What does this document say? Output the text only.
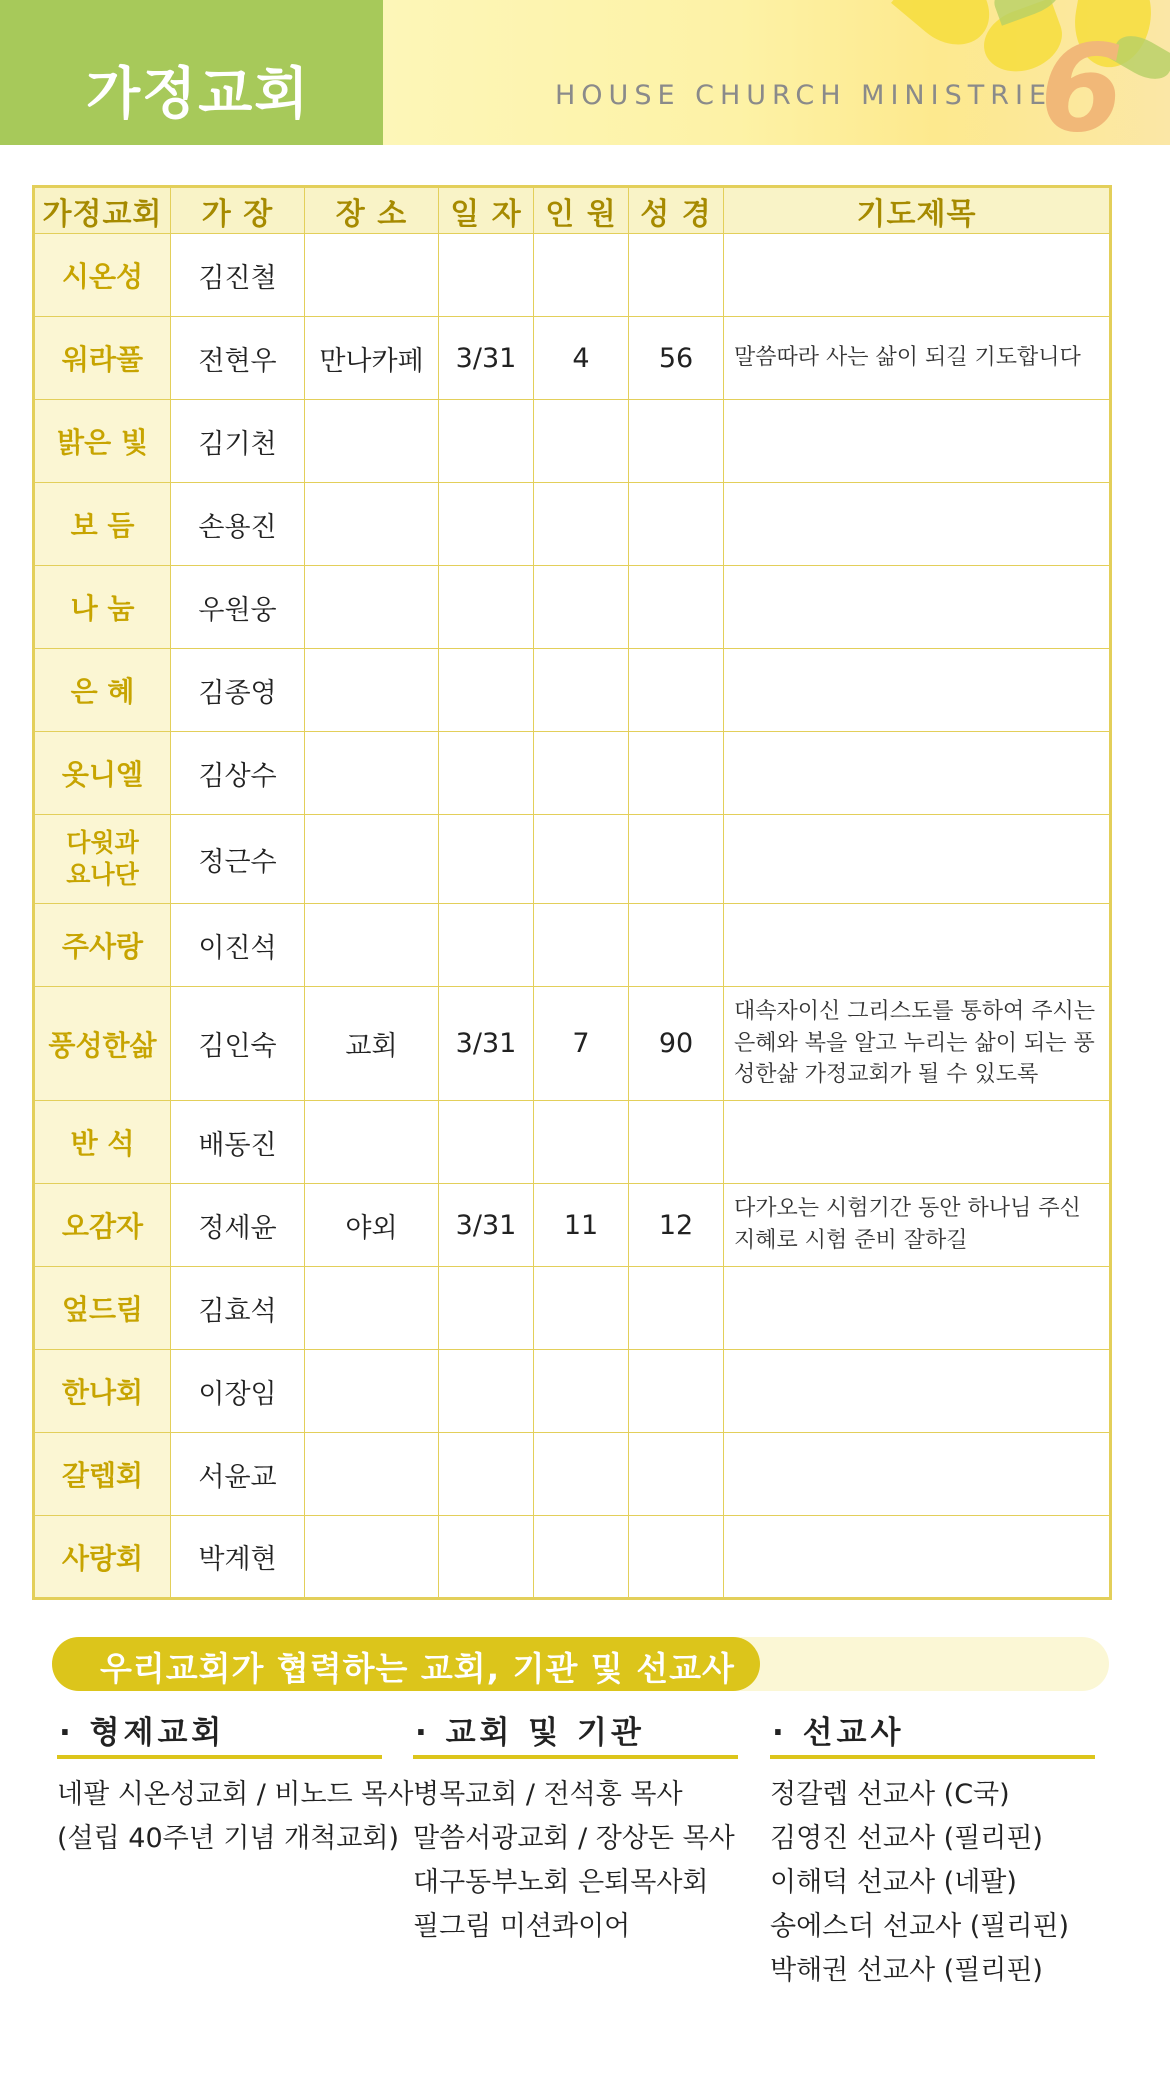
가정교회	HOUSE CHURCH MINISTRIES
6
가정교회	가 장	장 소	일 자	인 원	성 경	기도제목
시온성	김진철					
워라풀	전현우	만나카페	3/31	4	56	말씀따라 사는 삶이 되길 기도합니다
밝은 빛	김기천					
보 듬	손용진					
나 눔	우원웅					
은 혜	김종영					
옷니엘	김상수					
다윗과 요나단	정근수					
주사랑	이진석					
풍성한삶	김인숙	교회	3/31	7	90	대속자이신 그리스도를 통하여 주시는 은혜와 복을 알고 누리는 삶이 되는 풍성한삶 가정교회가 될 수 있도록
반 석	배동진					
오감자	정세윤	야외	3/31	11	12	다가오는 시험기간 동안 하나님 주신 지혜로 시험 준비 잘하길
엎드림	김효석					
한나회	이장임					
갈렙회	서윤교					
사랑회	박계현					
우리교회가 협력하는 교회, 기관 및 선교사
· 형제교회
네팔 시온성교회 / 비노드 목사
(설립 40주년 기념 개척교회)
· 교회 및 기관
병목교회 / 전석홍 목사
말씀서광교회 / 장상돈 목사
대구동부노회 은퇴목사회
필그림 미션콰이어
· 선교사
정갈렙 선교사 (C국)
김영진 선교사 (필리핀)
이해덕 선교사 (네팔)
송에스더 선교사 (필리핀)
박해권 선교사 (필리핀)
